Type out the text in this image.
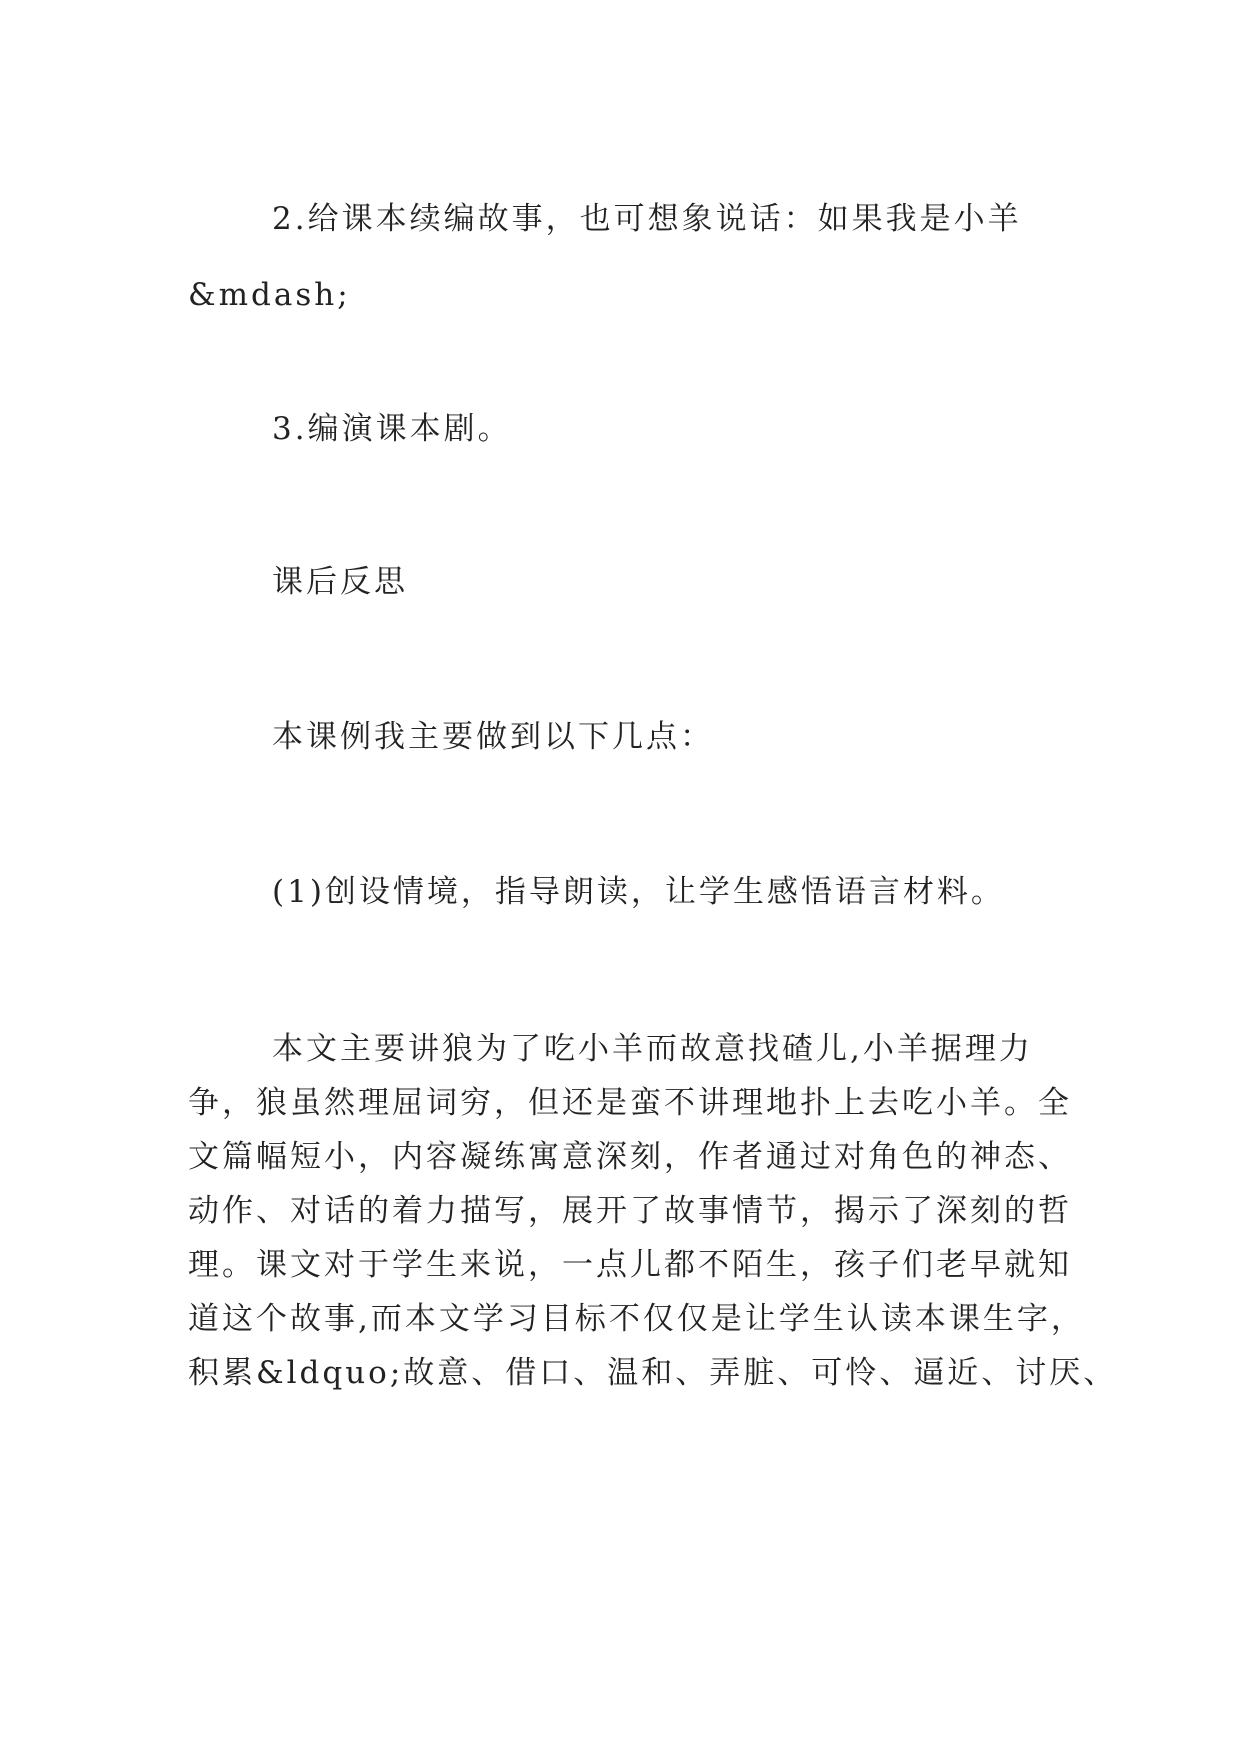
2.给课本续编故事，也可想象说话：如果我是小羊
&mdash;

3.编演课本剧。

课后反思

本课例我主要做到以下几点：

(1)创设情境，指导朗读，让学生感悟语言材料。

本文主要讲狼为了吃小羊而故意找碴儿,小羊据理力
争，狼虽然理屈词穷，但还是蛮不讲理地扑上去吃小羊。全
文篇幅短小，内容凝练寓意深刻，作者通过对角色的神态、
动作、对话的着力描写，展开了故事情节，揭示了深刻的哲
理。课文对于学生来说，一点儿都不陌生，孩子们老早就知
道这个故事,而本文学习目标不仅仅是让学生认读本课生字，
积累&ldquo;故意、借口、温和、弄脏、可怜、逼近、讨厌、
